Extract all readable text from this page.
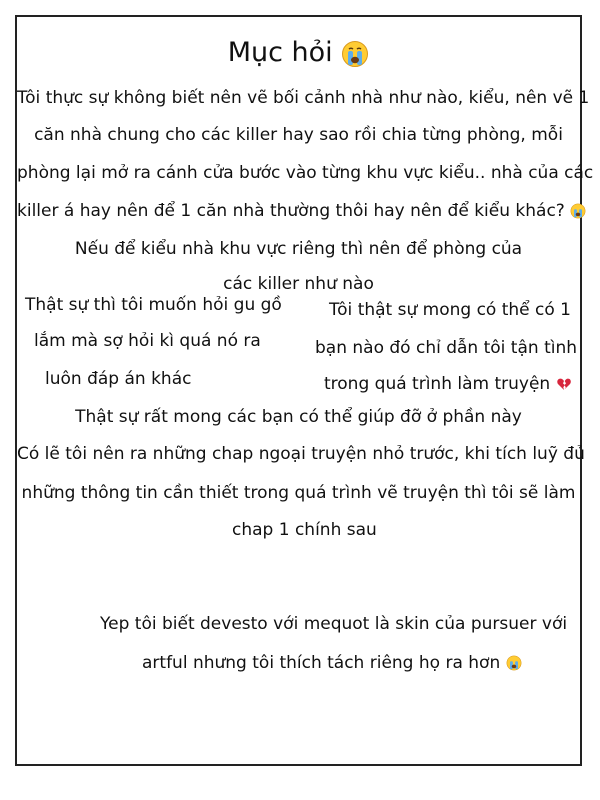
Mục hỏi
Tôi thực sự không biết nên vẽ bối cảnh nhà như nào, kiểu, nên vẽ 1
căn nhà chung cho các killer hay sao rồi chia từng phòng, mỗi
phòng lại mở ra cánh cửa bước vào từng khu vực kiểu.. nhà của các
killer á hay nên để 1 căn nhà thường thôi hay nên để kiểu khác?
Nếu để kiểu nhà khu vực riêng thì nên để phòng của
các killer như nào
Thật sự thì tôi muốn hỏi gu gồ
lắm mà sợ hỏi kì quá nó ra
luôn đáp án khác
Tôi thật sự mong có thể có 1
bạn nào đó chỉ dẫn tôi tận tình
trong quá trình làm truyện
Thật sự rất mong các bạn có thể giúp đỡ ở phần này
Có lẽ tôi nên ra những chap ngoại truyện nhỏ trước, khi tích luỹ đủ
những thông tin cần thiết trong quá trình vẽ truyện thì tôi sẽ làm
chap 1 chính sau
Yep tôi biết devesto với mequot là skin của pursuer với
artful nhưng tôi thích tách riêng họ ra hơn
